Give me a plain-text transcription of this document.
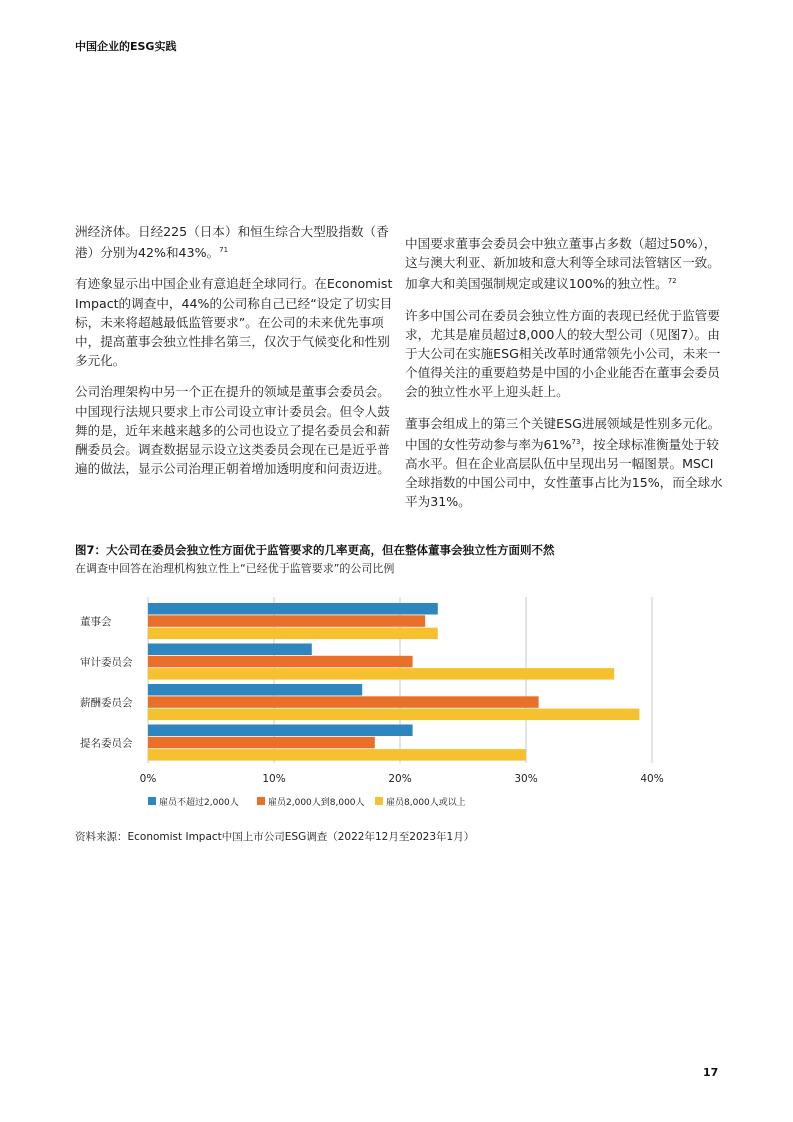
中国企业的ESG实践

洲经济体。日经225（日本）和恒生综合大型股指数（香港）分别为42%和43%。$^{71}$

有迹象显示出中国企业有意追赶全球同行。在Economist Impact的调查中，44%的公司称自己已经“设定了切实目标，未来将超越最低监管要求”。在公司的未来优先事项中，提高董事会独立性排名第三，仅次于气候变化和性别多元化。

公司治理架构中另一个正在提升的领域是董事会委员会。中国现行法规只要求上市公司设立审计委员会。但令人鼓舞的是，近年来越来越多的公司也设立了提名委员会和薪酬委员会。调查数据显示设立这类委员会现在已是近乎普遍的做法，显示公司治理正朝着增加透明度和问责迈进。

中国要求董事会委员会中独立董事占多数（超过50%），这与澳大利亚、新加坡和意大利等全球司法管辖区一致。加拿大和美国强制规定或建议100%的独立性。$^{72}$

许多中国公司在委员会独立性方面的表现已经优于监管要求，尤其是雇员超过8,000人的较大型公司（见图7）。由于大公司在实施ESG相关改革时通常领先小公司，未来一个值得关注的重要趋势是中国的小企业能否在董事会委员会的独立性水平上迎头赶上。

董事会组成上的第三个关键ESG进展领域是性别多元化。中国的女性劳动参与率为61%$^{73}$，按全球标准衡量处于较高水平。但在企业高层队伍中呈现出另一幅图景。MSCI全球指数的中国公司中，女性董事占比为15%，而全球水平为31%。

图7：大公司在委员会独立性方面优于监管要求的几率更高，但在整体董事会独立性方面则不然
在调查中回答在治理机构独立性上“已经优于监管要求”的公司比例
0%	10%	20%	30%	40%
董事会
审计委员会
薪酬委员会
提名委员会
雇员不超过2,000人	雇员2,000人到8,000人 雇员8,000人或以上
资料来源：Economist Impact中国上市公司ESG调查（2022年12月至2023年1月）
17
